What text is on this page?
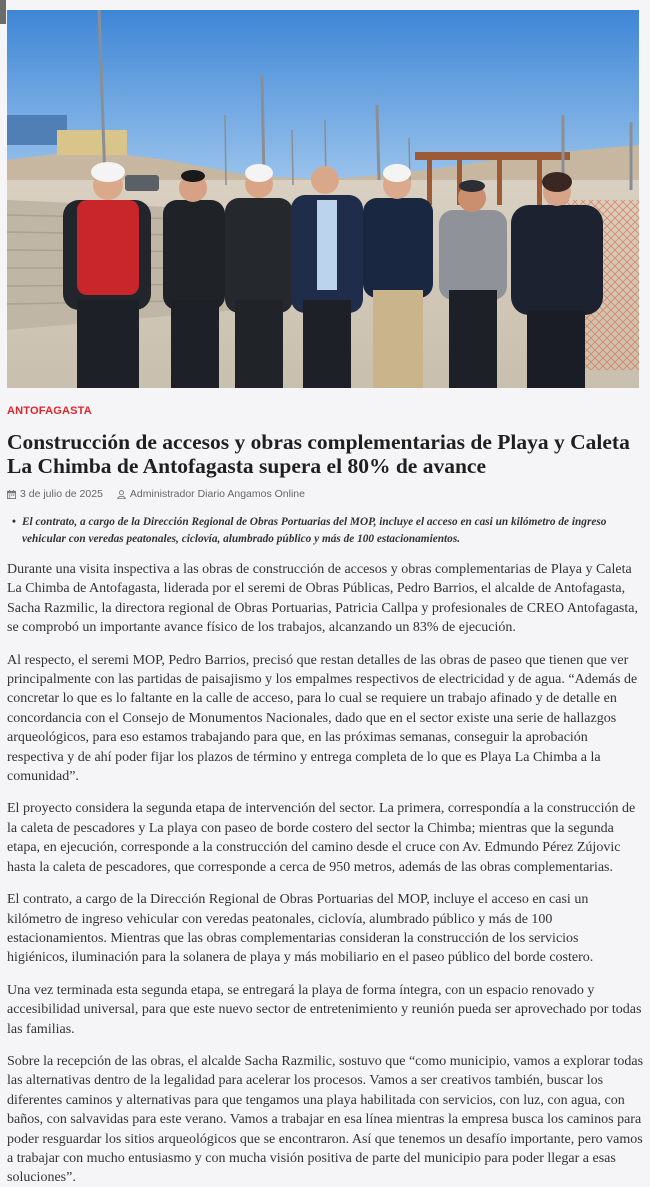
ANTOFAGASTA
Construcción de accesos y obras complementarias de Playa y Caleta La Chimba de Antofagasta supera el 80% de avance
3 de julio de 2025	Administrador Diario Angamos Online
• El contrato, a cargo de la Dirección Regional de Obras Portuarias del MOP, incluye el acceso en casi un kilómetro de ingreso vehicular con veredas peatonales, ciclovía, alumbrado público y más de 100 estacionamientos.

Durante una visita inspectiva a las obras de construcción de accesos y obras complementarias de Playa y Caleta La Chimba de Antofagasta, liderada por el seremi de Obras Públicas, Pedro Barrios, el alcalde de Antofagasta, Sacha Razmilic, la directora regional de Obras Portuarias, Patricia Callpa y profesionales de CREO Antofagasta, se comprobó un importante avance físico de los trabajos, alcanzando un 83% de ejecución.

Al respecto, el seremi MOP, Pedro Barrios, precisó que restan detalles de las obras de paseo que tienen que ver principalmente con las partidas de paisajismo y los empalmes respectivos de electricidad y de agua. “Además de concretar lo que es lo faltante en la calle de acceso, para lo cual se requiere un trabajo afinado y de detalle en concordancia con el Consejo de Monumentos Nacionales, dado que en el sector existe una serie de hallazgos arqueológicos, para eso estamos trabajando para que, en las próximas semanas, conseguir la aprobación respectiva y de ahí poder fijar los plazos de término y entrega completa de lo que es Playa La Chimba a la comunidad”.

El proyecto considera la segunda etapa de intervención del sector. La primera, correspondía a la construcción de la caleta de pescadores y La playa con paseo de borde costero del sector la Chimba; mientras que la segunda etapa, en ejecución, corresponde a la construcción del camino desde el cruce con Av. Edmundo Pérez Zújovic hasta la caleta de pescadores, que corresponde a cerca de 950 metros, además de las obras complementarias.

El contrato, a cargo de la Dirección Regional de Obras Portuarias del MOP, incluye el acceso en casi un kilómetro de ingreso vehicular con veredas peatonales, ciclovía, alumbrado público y más de 100 estacionamientos. Mientras que las obras complementarias consideran la construcción de los servicios higiénicos, iluminación para la solanera de playa y más mobiliario en el paseo público del borde costero.

Una vez terminada esta segunda etapa, se entregará la playa de forma íntegra, con un espacio renovado y accesibilidad universal, para que este nuevo sector de entretenimiento y reunión pueda ser aprovechado por todas las familias.

Sobre la recepción de las obras, el alcalde Sacha Razmilic, sostuvo que “como municipio, vamos a explorar todas las alternativas dentro de la legalidad para acelerar los procesos. Vamos a ser creativos también, buscar los diferentes caminos y alternativas para que tengamos una playa habilitada con servicios, con luz, con agua, con baños, con salvavidas para este verano. Vamos a trabajar en esa línea mientras la empresa busca los caminos para poder resguardar los sitios arqueológicos que se encontraron. Así que tenemos un desafío importante, pero vamos a trabajar con mucho entusiasmo y con mucha visión positiva de parte del municipio para poder llegar a esas soluciones”.
